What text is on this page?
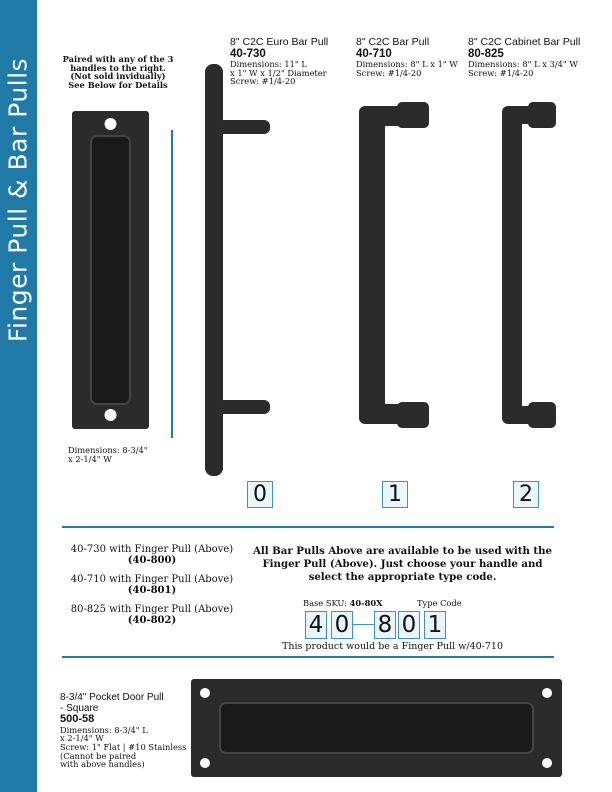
Finger Pull & Bar Pulls	Paired with any of the 3
handles to the right.
(Not sold invidually)
See Below for Details
Dimensions: 8-3/4"
x 2-1/4" W
8" C2C Euro Bar Pull
40-730
Dimensions: 11" L
x 1" W x 1/2" Diameter
Screw: #1/4-20
8" C2C Bar Pull
40-710
Dimensions: 8" L x 1" W
Screw: #1/4-20
8" C2C Cabinet Bar Pull
80-825
Dimensions: 8" L x 3/4" W
Screw: #1/4-20
0	1	2
40-730 with Finger Pull (Above)
(40-800)
40-710 with Finger Pull (Above)
(40-801)
80-825 with Finger Pull (Above)
(40-802)
All Bar Pulls Above are available to be used with the
Finger Pull (Above). Just choose your handle and
select the appropriate type code.
Base SKU: 40-80X	Type Code
4 0 8 0 1
This product would be a Finger Pull w/40-710
8-3/4" Pocket Door Pull
- Square
500-58
Dimensions: 8-3/4" L
x 2-1/4" W
Screw: 1" Flat | #10 Stainless
(Cannot be paired
with above handles)
